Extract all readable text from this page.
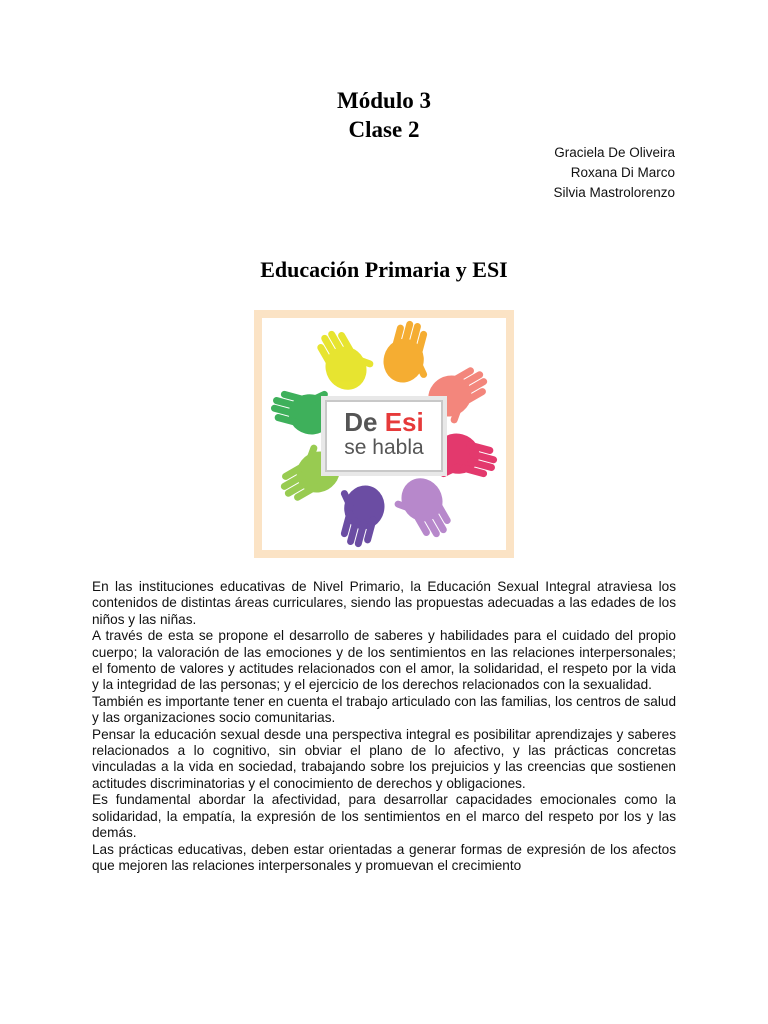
Módulo 3
Clase 2
Graciela De Oliveira
Roxana Di Marco
Silvia Mastrolorenzo
Educación Primaria y ESI
De Esi
se habla

En las instituciones educativas de Nivel Primario, la Educación Sexual Integral atraviesa los contenidos de distintas áreas curriculares, siendo las propuestas adecuadas a las edades de los niños y las niñas.

A través de esta se propone el desarrollo de saberes y habilidades para el cuidado del propio cuerpo; la valoración de las emociones y de los sentimientos en las relaciones interpersonales; el fomento de valores y actitudes relacionados con el amor, la solidaridad, el respeto por la vida y la integridad de las personas; y el ejercicio de los derechos relacionados con la sexualidad.

También es importante tener en cuenta el trabajo articulado con las familias, los centros de salud y las organizaciones socio comunitarias.

Pensar la educación sexual desde una perspectiva integral es posibilitar aprendizajes y saberes relacionados a lo cognitivo, sin obviar el plano de lo afectivo, y las prácticas concretas vinculadas a la vida en sociedad, trabajando sobre los prejuicios y las creencias que sostienen actitudes discriminatorias y el conocimiento de derechos y obligaciones.

Es fundamental abordar la afectividad, para desarrollar capacidades emocionales como la solidaridad, la empatía, la expresión de los sentimientos en el marco del respeto por los y las demás.

Las prácticas educativas, deben estar orientadas a generar formas de expresión de los afectos que mejoren las relaciones interpersonales y promuevan el crecimiento
